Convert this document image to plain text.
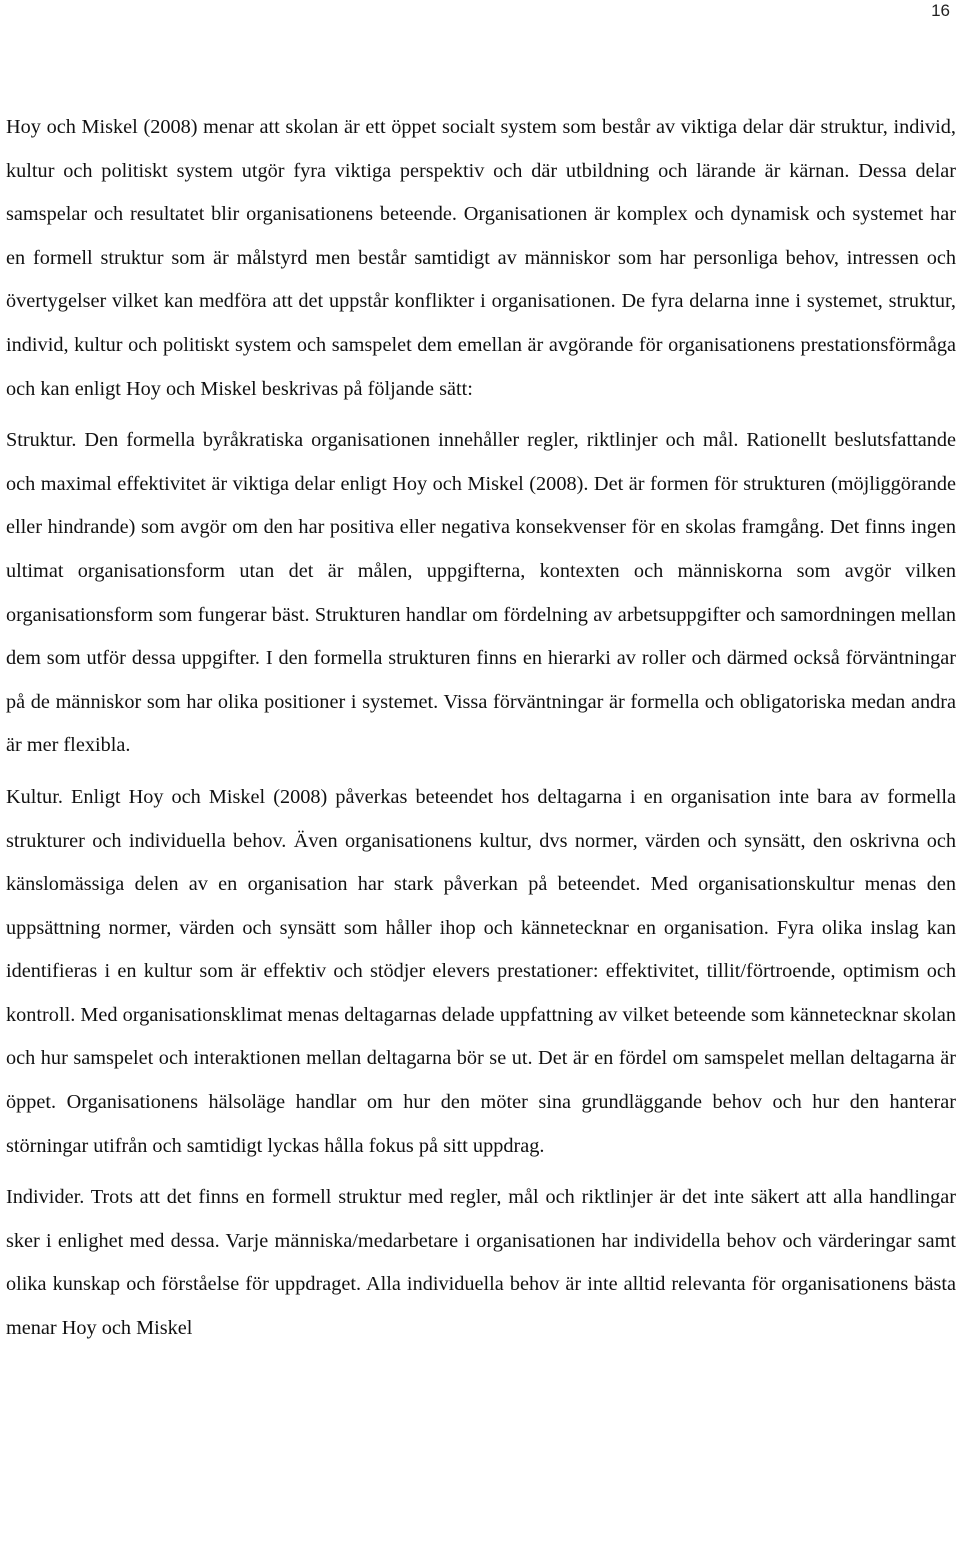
16

Hoy och Miskel (2008) menar att skolan är ett öppet socialt system som består av viktiga delar där struktur, individ, kultur och politiskt system utgör fyra viktiga perspektiv och där utbildning och lärande är kärnan. Dessa delar samspelar och resultatet blir organisationens beteende. Organisationen är komplex och dynamisk och systemet har en formell struktur som är målstyrd men består samtidigt av människor som har personliga behov, intressen och övertygelser vilket kan medföra att det uppstår konflikter i organisationen. De fyra delarna inne i systemet, struktur, individ, kultur och politiskt system och samspelet dem emellan är avgörande för organisationens prestationsförmåga och kan enligt Hoy och Miskel beskrivas på följande sätt:

Struktur. Den formella byråkratiska organisationen innehåller regler, riktlinjer och mål. Rationellt beslutsfattande och maximal effektivitet är viktiga delar enligt Hoy och Miskel (2008). Det är formen för strukturen (möjliggörande eller hindrande) som avgör om den har positiva eller negativa konsekvenser för en skolas framgång. Det finns ingen ultimat organisationsform utan det är målen, uppgifterna, kontexten och människorna som avgör vilken organisationsform som fungerar bäst. Strukturen handlar om fördelning av arbetsuppgifter och samordningen mellan dem som utför dessa uppgifter. I den formella strukturen finns en hierarki av roller och därmed också förväntningar på de människor som har olika positioner i systemet. Vissa förväntningar är formella och obligatoriska medan andra är mer flexibla.

Kultur. Enligt Hoy och Miskel (2008) påverkas beteendet hos deltagarna i en organisation inte bara av formella strukturer och individuella behov. Även organisationens kultur, dvs normer, värden och synsätt, den oskrivna och känslomässiga delen av en organisation har stark påverkan på beteendet. Med organisationskultur menas den uppsättning normer, värden och synsätt som håller ihop och kännetecknar en organisation. Fyra olika inslag kan identifieras i en kultur som är effektiv och stödjer elevers prestationer: effektivitet, tillit/förtroende, optimism och kontroll. Med organisationsklimat menas deltagarnas delade uppfattning av vilket beteende som kännetecknar skolan och hur samspelet och interaktionen mellan deltagarna bör se ut. Det är en fördel om samspelet mellan deltagarna är öppet. Organisationens hälsoläge handlar om hur den möter sina grundläggande behov och hur den hanterar störningar utifrån och samtidigt lyckas hålla fokus på sitt uppdrag.

Individer. Trots att det finns en formell struktur med regler, mål och riktlinjer är det inte säkert att alla handlingar sker i enlighet med dessa. Varje människa/medarbetare i organisationen har individella behov och värderingar samt olika kunskap och förståelse för uppdraget. Alla individuella behov är inte alltid relevanta för organisationens bästa menar Hoy och Miskel
